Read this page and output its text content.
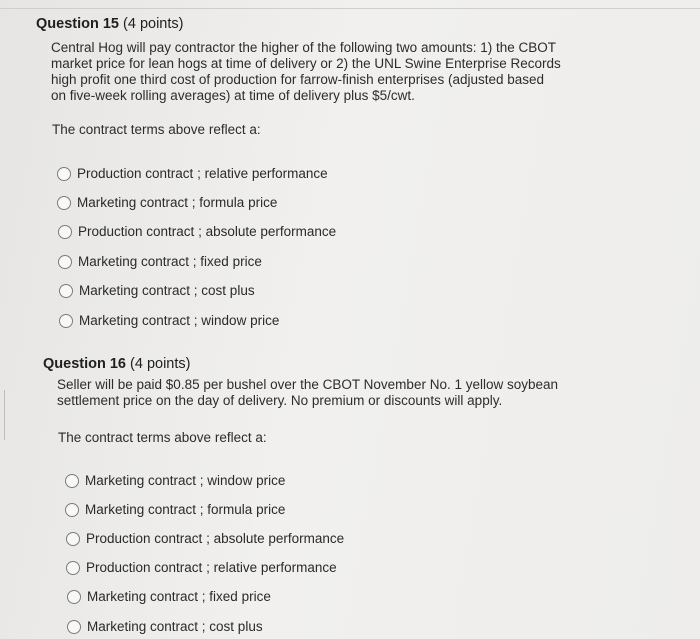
Question 15 (4 points)
Central Hog will pay contractor the higher of the following two amounts: 1) the CBOT
market price for lean hogs at time of delivery or 2) the UNL Swine Enterprise Records
high profit one third cost of production for farrow-finish enterprises (adjusted based
on five-week rolling averages) at time of delivery plus $5/cwt.
The contract terms above reflect a:
Production contract ; relative performance
Marketing contract ; formula price
Production contract ; absolute performance
Marketing contract ; fixed price
Marketing contract ; cost plus
Marketing contract ; window price
Question 16 (4 points)
Seller will be paid $0.85 per bushel over the CBOT November No. 1 yellow soybean
settlement price on the day of delivery. No premium or discounts will apply.
The contract terms above reflect a:
Marketing contract ; window price
Marketing contract ; formula price
Production contract ; absolute performance
Production contract ; relative performance
Marketing contract ; fixed price
Marketing contract ; cost plus
